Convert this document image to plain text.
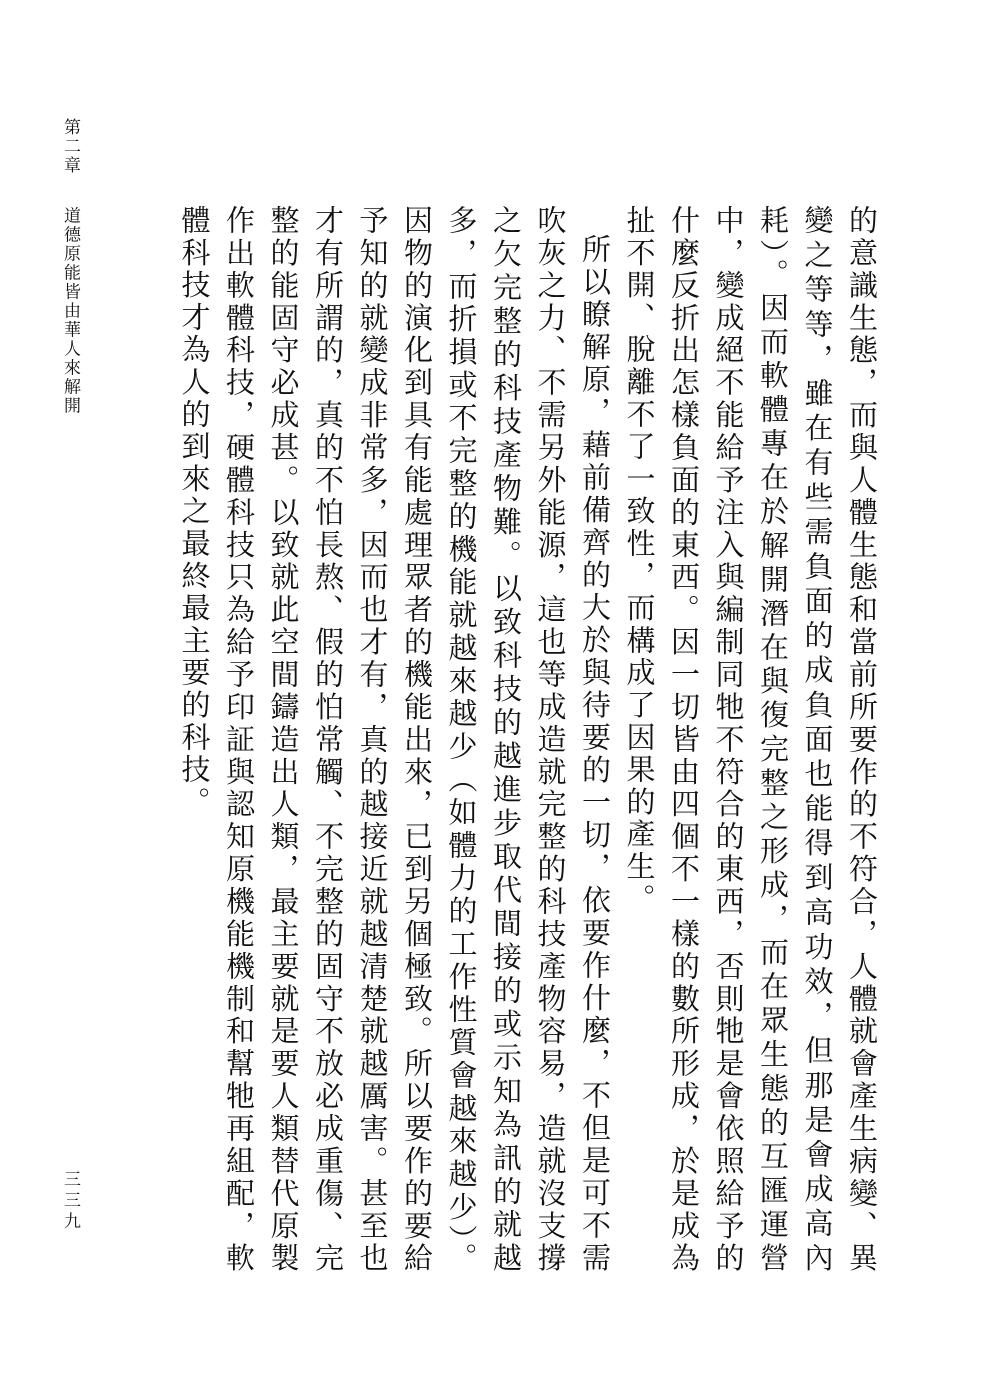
第二章 道德原能皆由華人來解開
三三九	的意識生態，而與人體生態和當前所要作的不符合，人體就會產生病變、異變之等等，雖在有些需負面的成負面也能得到高功效，但那是會成高內耗）。因而軟體專在於解開潛在與復完整之形成，而在眾生態的互匯運營中，變成絕不能給予注入與編制同牠不符合的東西，否則牠是會依照給予的什麼反折出怎樣負面的東西。因一切皆由四個不一樣的數所形成，於是成為扯不開、脫離不了一致性，而構成了因果的產生。

所以瞭解原，藉前備齊的大於與待要的一切，依要作什麼，不但是可不需吹灰之力、不需另外能源，這也等成造就完整的科技產物容易，造就沒支撐之欠完整的科技產物難。以致科技的越進步取代間接的或示知為訊的就越多，而折損或不完整的機能就越來越少（如體力的工作性質會越來越少）。因物的演化到具有能處理眾者的機能出來，已到另個極致。所以要作的要給予知的就變成非常多，因而也才有，真的越接近就越清楚就越厲害。甚至也才有所謂的，真的不怕長熬、假的怕常觸、不完整的固守不放必成重傷、完整的能固守必成甚。以致就此空間鑄造出人類，最主要就是要人類替代原製作出軟體科技，硬體科技只為給予印証與認知原機能機制和幫牠再組配，軟體科技才為人的到來之最終最主要的科技。
